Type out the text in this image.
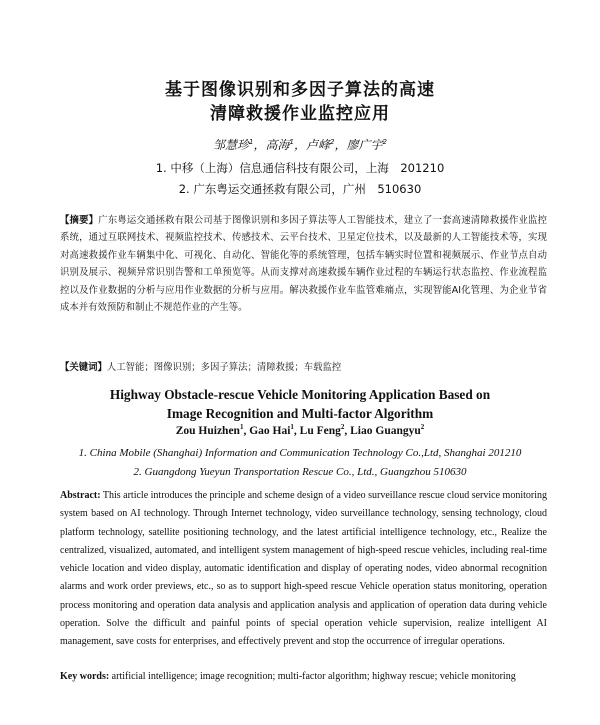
基于图像识别和多因子算法的高速
清障救援作业监控应用
邹慧珍$^1$，高海$^1$，卢峰$^2$，廖广宇$^2$
1. 中移（上海）信息通信科技有限公司，上海　201210
2. 广东粤运交通拯救有限公司，广州　510630
【摘要】广东粤运交通拯救有限公司基于图像识别和多因子算法等人工智能技术，建立了一套高速清障救援作业监控系统，通过互联网技术、视频监控技术、传感技术、云平台技术、卫星定位技术，以及最新的人工智能技术等，实现对高速救援作业车辆集中化、可视化、自动化、智能化等的系统管理，包括车辆实时位置和视频展示、作业节点自动识别及展示、视频异常识别告警和工单预览等。从而支撑对高速救援车辆作业过程的车辆运行状态监控、作业流程监控以及作业数据的分析与应用作业数据的分析与应用。解决救援作业车监管难痛点，实现智能AI化管理、为企业节省成本并有效预防和制止不规范作业的产生等。
【关键词】人工智能；图像识别；多因子算法；清障救援；车载监控
Highway Obstacle-rescue Vehicle Monitoring Application Based on
Image Recognition and Multi-factor Algorithm
Zou Huizhen$^1$, Gao Hai$^1$, Lu Feng$^2$, Liao Guangyu$^2$
1. China Mobile (Shanghai) Information and Communication Technology Co.,Ltd, Shanghai 201210
2. Guangdong Yueyun Transportation Rescue Co., Ltd., Guangzhou 510630
Abstract: This article introduces the principle and scheme design of a video surveillance rescue cloud service monitoring system based on AI technology. Through Internet technology, video surveillance technology, sensing technology, cloud platform technology, satellite positioning technology, and the latest artificial intelligence technology, etc., Realize the centralized, visualized, automated, and intelligent system management of high-speed rescue vehicles, including real-time vehicle location and video display, automatic identification and display of operating nodes, video abnormal recognition alarms and work order previews, etc., so as to support high-speed rescue Vehicle operation status monitoring, operation process monitoring and operation data analysis and application analysis and application of operation data during vehicle operation. Solve the difficult and painful points of special operation vehicle supervision, realize intelligent AI management, save costs for enterprises, and effectively prevent and stop the occurrence of irregular operations.
Key words: artificial intelligence; image recognition; multi-factor algorithm; highway rescue; vehicle monitoring
